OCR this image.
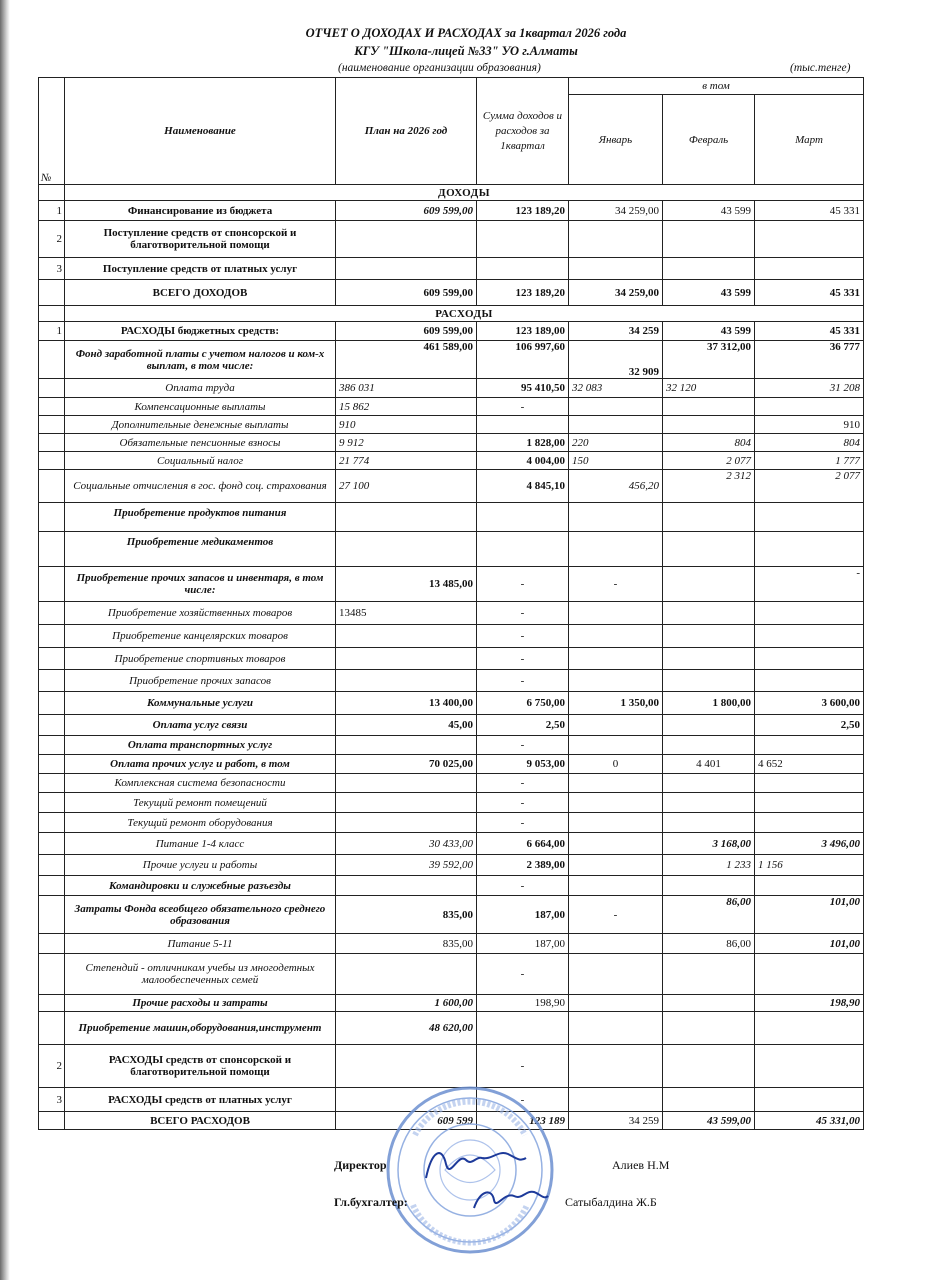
ОТЧЕТ О ДОХОДАХ И РАСХОДАХ за 1квартал 2026 года
КГУ "Школа-лицей №33" УО г.Алматы
(наименование организации образования)	(тыс.тенге)
№	Наименование	План на 2026 год	Сумма доходов и расходов за 1квартал	в том		
				Январь	Февраль	Март
	ДОХОДЫ					
1	Финансирование из бюджета	609 599,00	123 189,20	34 259,00	43 599	45 331
2	Поступление средств от спонсорской и благотворительной помощи					
3	Поступление средств от платных услуг					
	ВСЕГО ДОХОДОВ	609 599,00	123 189,20	34 259,00	43 599	45 331
	РАСХОДЫ					
1	РАСХОДЫ бюджетных средств:	609 599,00	123 189,00	34 259	43 599	45 331
	Фонд заработной платы с учетом налогов и ком-х выплат, в том числе:	461 589,00	106 997,60	32 909	37 312,00	36 777
	Оплата труда	386 031	95 410,50	32 083	32 120	31 208
	Компенсационные выплаты	15 862	-			
	Дополнительные денежные выплаты	910				910
	Обязательные пенсионные взносы	9 912	1 828,00	220	804	804
	Социальный налог	21 774	4 004,00	150	2 077	1 777
	Социальные отчисления в гос. фонд соц. страхования	27 100	4 845,10	456,20	2 312	2 077
	Приобретение продуктов питания					
	Приобретение медикаментов					
	Приобретение прочих запасов и инвентаря, в том числе:	13 485,00	-	-		-
	Приобретение хозяйственных товаров	13485	-			
	Приобретение канцелярских товаров		-			
	Приобретение спортивных товаров		-			
	Приобретение прочих запасов		-			
	Коммунальные услуги	13 400,00	6 750,00	1 350,00	1 800,00	3 600,00
	Оплата услуг связи	45,00	2,50			2,50
	Оплата транспортных услуг		-			
	Оплата прочих услуг и работ, в том	70 025,00	9 053,00	0	4 401	4 652
	Комплексная система безопасности		-			
	Текущий ремонт помещений		-			
	Текущий ремонт оборудования		-			
	Питание 1-4 класс	30 433,00	6 664,00		3 168,00	3 496,00
	Прочие услуги и работы	39 592,00	2 389,00		1 233	1 156
	Командировки и служебные разъезды		-			
	Затраты Фонда всеобщего обязательного среднего образования	835,00	187,00	-	86,00	101,00
	Питание 5-11	835,00	187,00		86,00	101,00
	Степендий - отличникам учебы из многодетных малообеспеченных семей		-			
	Прочие расходы и затраты	1 600,00	198,90			198,90
	Приобретение машин,оборудования,инструмент	48 620,00				
2	РАСХОДЫ средств от спонсорской и благотворительной помощи		-			
3	РАСХОДЫ средств от платных услуг		-			
	ВСЕГО РАСХОДОВ	609 599	123 189	34 259	43 599,00	45 331,00
Директор	Алиев Н.М
Гл.бухгалтер:	Сатыбалдина Ж.Б
